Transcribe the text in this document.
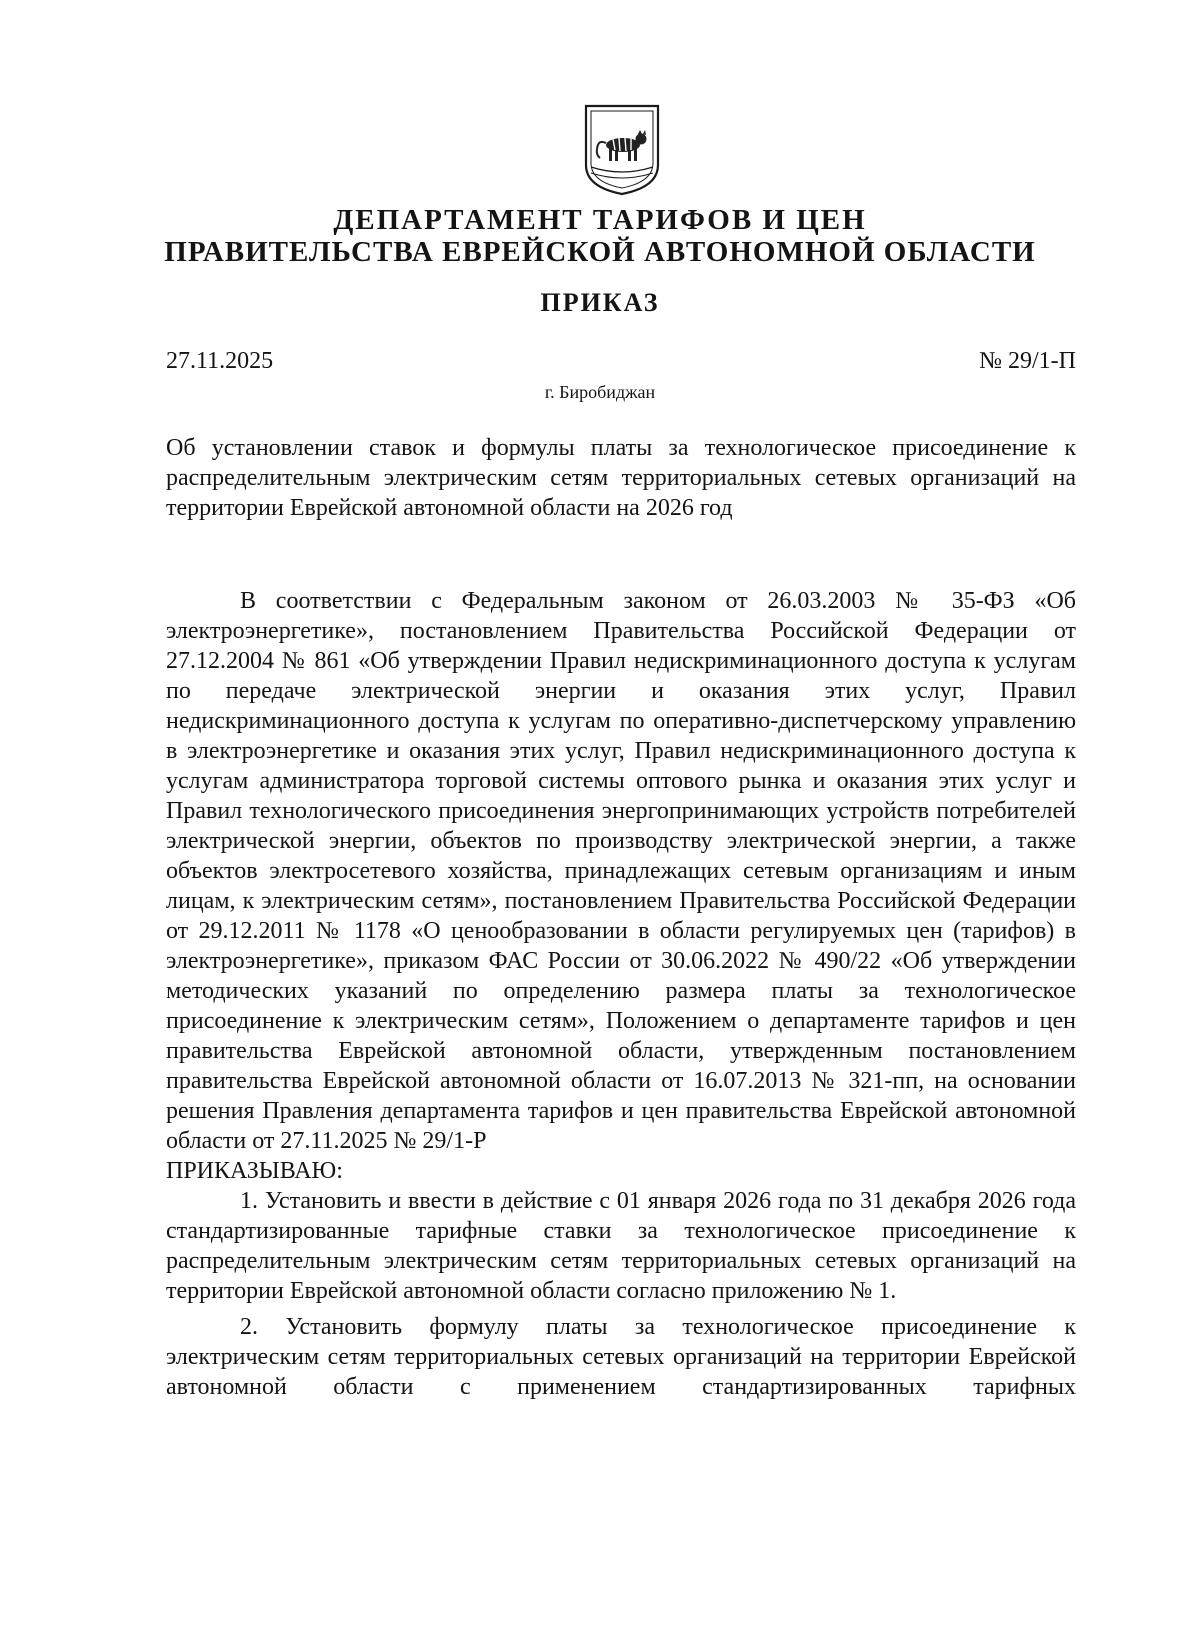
ДЕПАРТАМЕНТ ТАРИФОВ И ЦЕН
ПРАВИТЕЛЬСТВА ЕВРЕЙСКОЙ АВТОНОМНОЙ ОБЛАСТИ
ПРИКАЗ
27.11.2025	№ 29/1-П
г. Биробиджан
Об установлении ставок и формулы платы за технологическое присоединение к распределительным электрическим сетям территориальных сетевых организаций на территории Еврейской автономной области на 2026 год

В соответствии с Федеральным законом от 26.03.2003 № 35-ФЗ «Об электроэнергетике», постановлением Правительства Российской Федерации от 27.12.2004 № 861 «Об утверждении Правил недискриминационного доступа к услугам по передаче электрической энергии и оказания этих услуг, Правил недискриминационного доступа к услугам по оперативно-диспетчерскому управлению в электроэнергетике и оказания этих услуг, Правил недискриминационного доступа к услугам администратора торговой системы оптового рынка и оказания этих услуг и Правил технологического присоединения энергопринимающих устройств потребителей электрической энергии, объектов по производству электрической энергии, а также объектов электросетевого хозяйства, принадлежащих сетевым организациям и иным лицам, к электрическим сетям», постановлением Правительства Российской Федерации от 29.12.2011 № 1178 «О ценообразовании в области регулируемых цен (тарифов) в электроэнергетике», приказом ФАС России от 30.06.2022 № 490/22 «Об утверждении методических указаний по определению размера платы за технологическое присоединение к электрическим сетям», Положением о департаменте тарифов и цен правительства Еврейской автономной области, утвержденным постановлением правительства Еврейской автономной области от 16.07.2013 № 321-пп, на основании решения Правления департамента тарифов и цен правительства Еврейской автономной области от 27.11.2025 № 29/1-Р

ПРИКАЗЫВАЮ:

1. Установить и ввести в действие с 01 января 2026 года по 31 декабря 2026 года стандартизированные тарифные ставки за технологическое присоединение к распределительным электрическим сетям территориальных сетевых организаций на территории Еврейской автономной области согласно приложению № 1.

2. Установить формулу платы за технологическое присоединение к электрическим сетям территориальных сетевых организаций на территории Еврейской автономной области с применением стандартизированных тарифных
